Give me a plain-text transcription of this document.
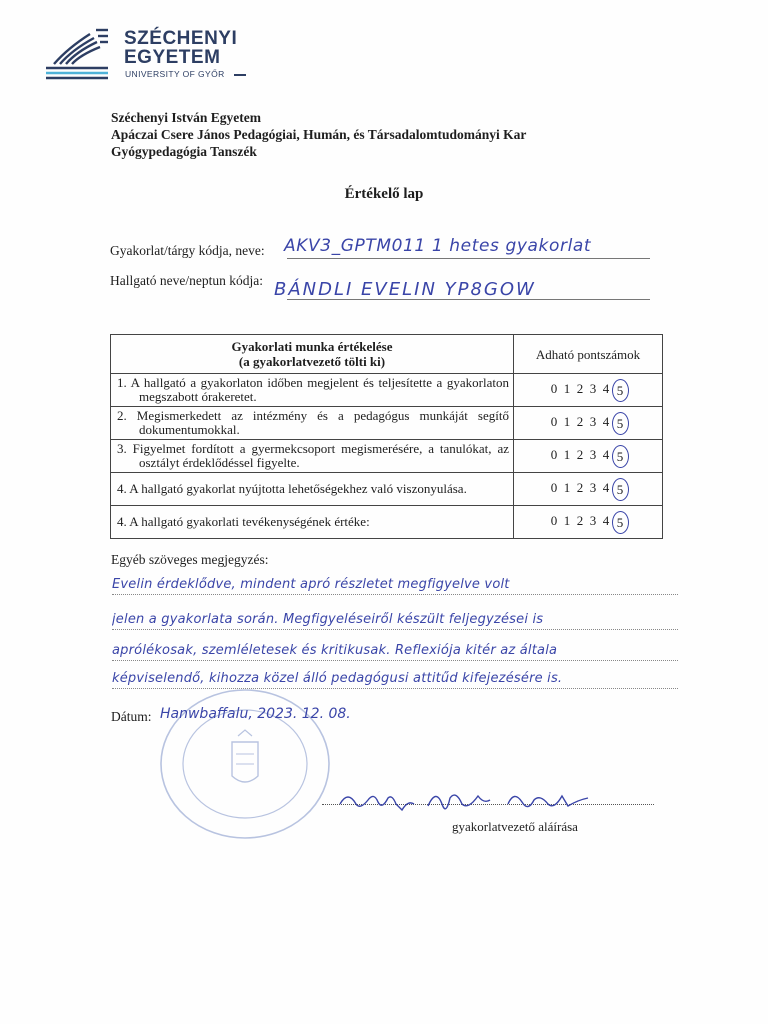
SZÉCHENYI
EGYETEM
UNIVERSITY OF GYŐR
Széchenyi István Egyetem
Apáczai Csere János Pedagógiai, Humán, és Társadalomtudományi Kar
Gyógypedagógia Tanszék
Értékelő lap
Gyakorlat/tárgy kódja, neve: AKV3_GPTM011 1 hetes gyakorlat
Hallgató neve/neptun kódja: BÁNDLI EVELIN YP8GOW
Gyakorlati munka értékelése
(a gyakorlatvezető tölti ki)	Adható pontszámok

1. A hallgató a gyakorlaton időben megjelent és teljesítette a gyakorlaton megszabott órakeretet.	0 1 2 3 4 5

2. Megismerkedett az intézmény és a pedagógus munkáját segítő dokumentumokkal.	0 1 2 3 4 5

3. Figyelmet fordított a gyermekcsoport megismerésére, a tanulókat, az osztályt érdeklődéssel figyelte.	0 1 2 3 4 5

4. A hallgató gyakorlat nyújtotta lehetőségekhez való viszonyulása.	0 1 2 3 4 5

4. A hallgató gyakorlati tevékenységének értéke:	0 1 2 3 4 5
Egyéb szöveges megjegyzés:
Evelin érdeklődve, mindent apró részletet megfigyelve volt
jelen a gyakorlata során. Megfigyeléseiről készült feljegyzései is
aprólékosak, szemléletesek és kritikusak. Reflexiója kitér az általa
képviselendő, kihozza közel álló pedagógusi attitűd kifejezésére is.
Dátum: Hanwbaffalu, 2023. 12. 08.
gyakorlatvezető aláírása
